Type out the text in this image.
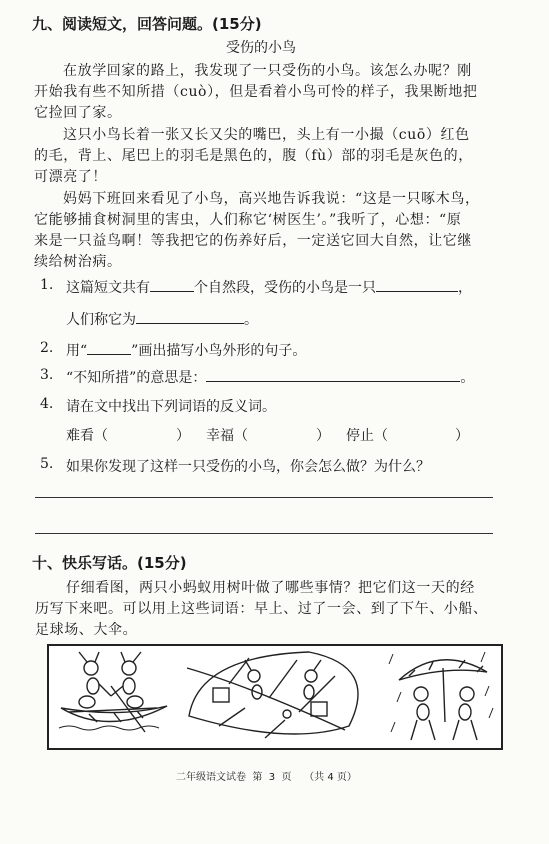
九、阅读短文，回答问题。(15分)
受伤的小鸟
在放学回家的路上，我发现了一只受伤的小鸟。该怎么办呢？刚
开始我有些不知所措（cuò），但是看着小鸟可怜的样子，我果断地把
它捡回了家。
这只小鸟长着一张又长又尖的嘴巴，头上有一小撮（cuō）红色
的毛，背上、尾巴上的羽毛是黑色的，腹（fù）部的羽毛是灰色的，
可漂亮了！
妈妈下班回来看见了小鸟，高兴地告诉我说：“这是一只啄木鸟，
它能够捕食树洞里的害虫，人们称它‘树医生’。”我听了，心想：“原
来是一只益鸟啊！等我把它的伤养好后，一定送它回大自然，让它继
续给树治病。
1. 这篇短文共有	个自然段，受伤的小鸟是一只	，
人们称它为	。
2. 用“	”画出描写小鸟外形的句子。
3. “不知所措”的意思是：	。
4. 请在文中找出下列词语的反义词。
难看（	） 幸福（	） 停止（	）
5. 如果你发现了这样一只受伤的小鸟，你会怎么做？为什么？
十、快乐写话。(15分)
仔细看图，两只小蚂蚁用树叶做了哪些事情？把它们这一天的经
历写下来吧。可以用上这些词语：早上、过了一会、到了下午、小船、
足球场、大伞。
二年级语文试卷 第 3 页 （共 4 页）
